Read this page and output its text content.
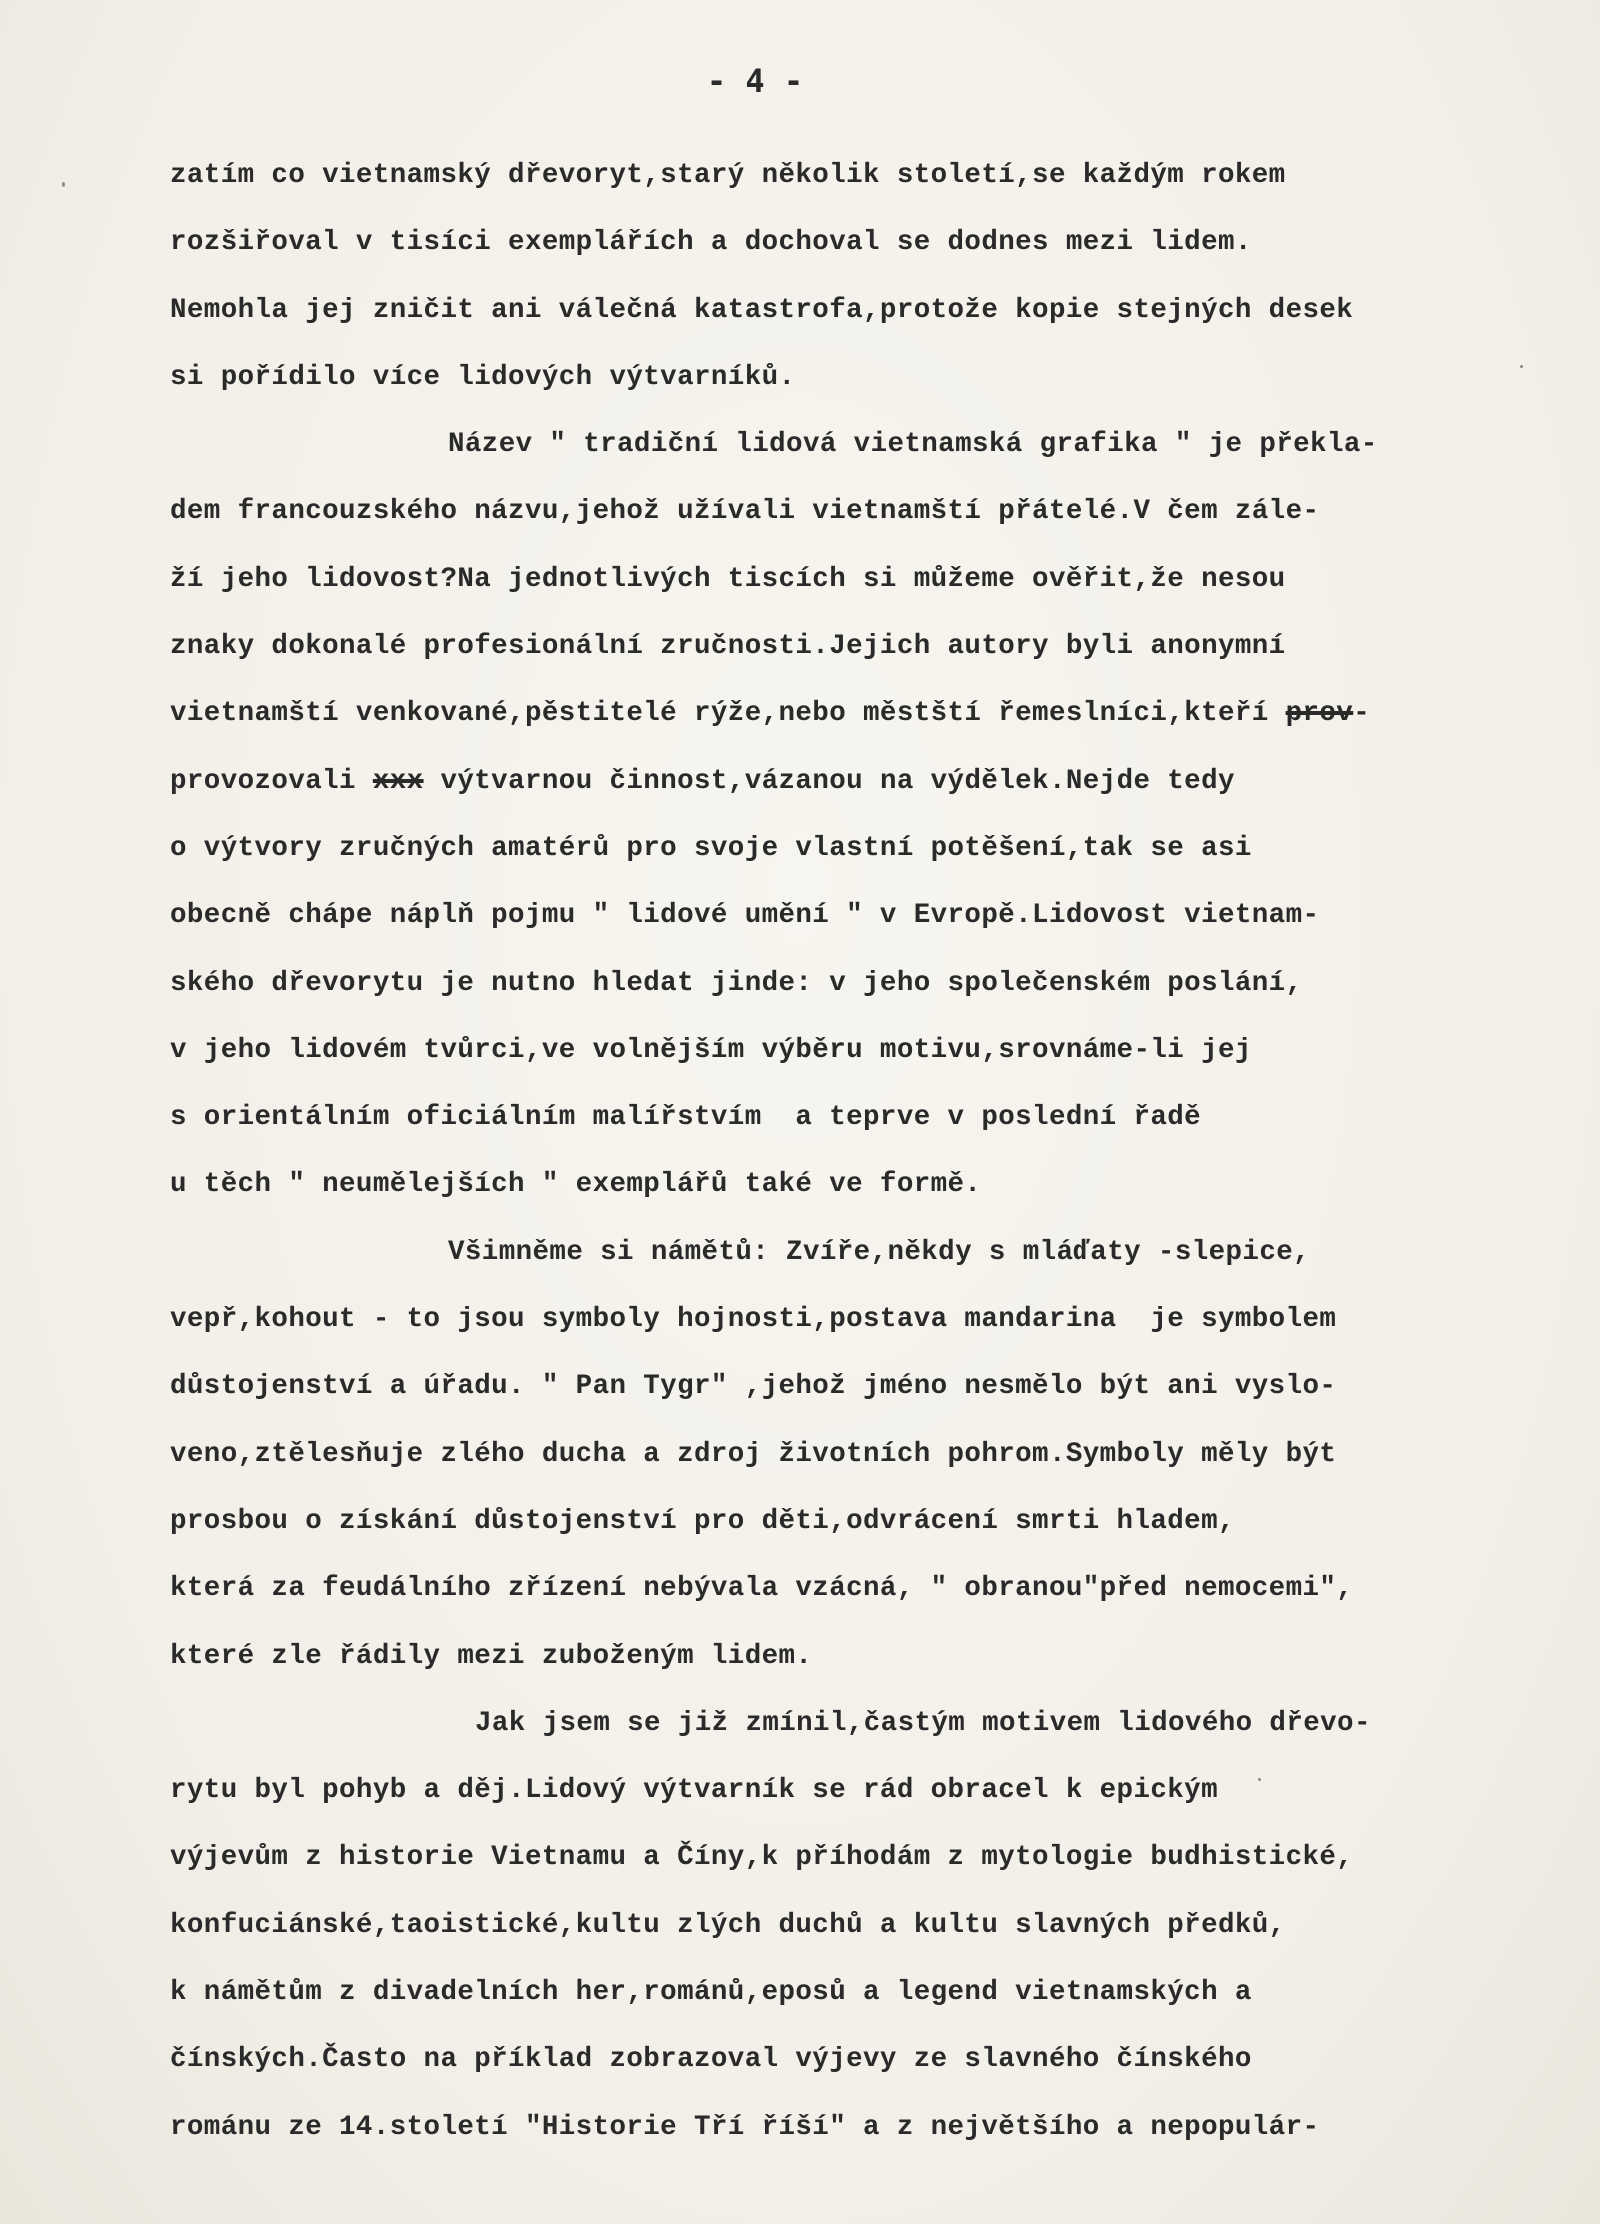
- 4 -
zatím co vietnamský dřevoryt,starý několik století,se každým rokem
rozšiřoval v tisíci exemplářích a dochoval se dodnes mezi lidem.
Nemohla jej zničit ani válečná katastrofa,protože kopie stejných desek
si pořídilo více lidových výtvarníků.
Název " tradiční lidová vietnamská grafika " je překla-
dem francouzského názvu,jehož užívali vietnamští přátelé.V čem zále-
ží jeho lidovost?Na jednotlivých tiscích si můžeme ověřit,že nesou
znaky dokonalé profesionální zručnosti.Jejich autory byli anonymní
vietnamští venkované,pěstitelé rýže,nebo městští řemeslníci,kteří prov-
provozovali xxx výtvarnou činnost,vázanou na výdělek.Nejde tedy
o výtvory zručných amatérů pro svoje vlastní potěšení,tak se asi
obecně chápe náplň pojmu " lidové umění " v Evropě.Lidovost vietnam-
ského dřevorytu je nutno hledat jinde: v jeho společenském poslání,
v jeho lidovém tvůrci,ve volnějším výběru motivu,srovnáme-li jej
s orientálním oficiálním malířstvím  a teprve v poslední řadě
u těch " neumělejších " exemplářů také ve formě.
Všimněme si námětů: Zvíře,někdy s mláďaty -slepice,
vepř,kohout - to jsou symboly hojnosti,postava mandarina  je symbolem
důstojenství a úřadu. " Pan Tygr" ,jehož jméno nesmělo být ani vyslo-
veno,ztělesňuje zlého ducha a zdroj životních pohrom.Symboly měly být
prosbou o získání důstojenství pro děti,odvrácení smrti hladem,
která za feudálního zřízení nebývala vzácná, " obranou"před nemocemi",
které zle řádily mezi zuboženým lidem.
Jak jsem se již zmínil,častým motivem lidového dřevo-
rytu byl pohyb a děj.Lidový výtvarník se rád obracel k epickým
výjevům z historie Vietnamu a Číny,k příhodám z mytologie budhistické,
konfuciánské,taoistické,kultu zlých duchů a kultu slavných předků,
k námětům z divadelních her,románů,eposů a legend vietnamských a
čínských.Často na příklad zobrazoval výjevy ze slavného čínského
románu ze 14.století "Historie Tří říší" a z největšího a nepopulár-
